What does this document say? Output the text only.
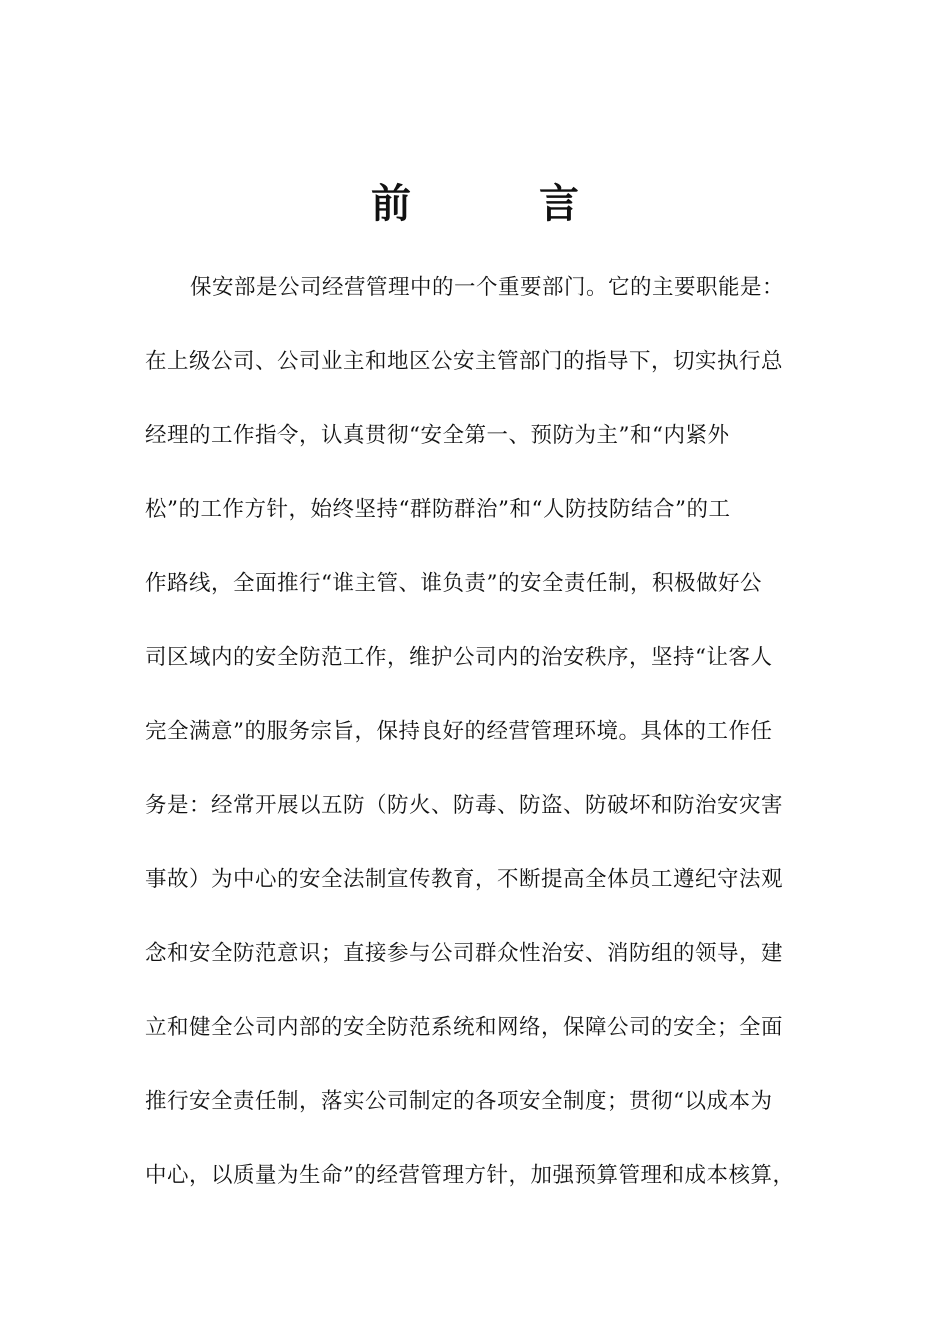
前	言
保安部是公司经营管理中的一个重要部门。它的主要职能是：
在上级公司、公司业主和地区公安主管部门的指导下，切实执行总
经理的工作指令，认真贯彻“安全第一、预防为主”和“内紧外
松”的工作方针，始终坚持“群防群治”和“人防技防结合”的工
作路线，全面推行“谁主管、谁负责”的安全责任制，积极做好公
司区域内的安全防范工作，维护公司内的治安秩序，坚持“让客人
完全满意”的服务宗旨，保持良好的经营管理环境。具体的工作任
务是：经常开展以五防（防火、防毒、防盗、防破坏和防治安灾害
事故）为中心的安全法制宣传教育，不断提高全体员工遵纪守法观
念和安全防范意识；直接参与公司群众性治安、消防组的领导，建
立和健全公司内部的安全防范系统和网络，保障公司的安全；全面
推行安全责任制，落实公司制定的各项安全制度；贯彻“以成本为
中心，以质量为生命”的经营管理方针，加强预算管理和成本核算，
